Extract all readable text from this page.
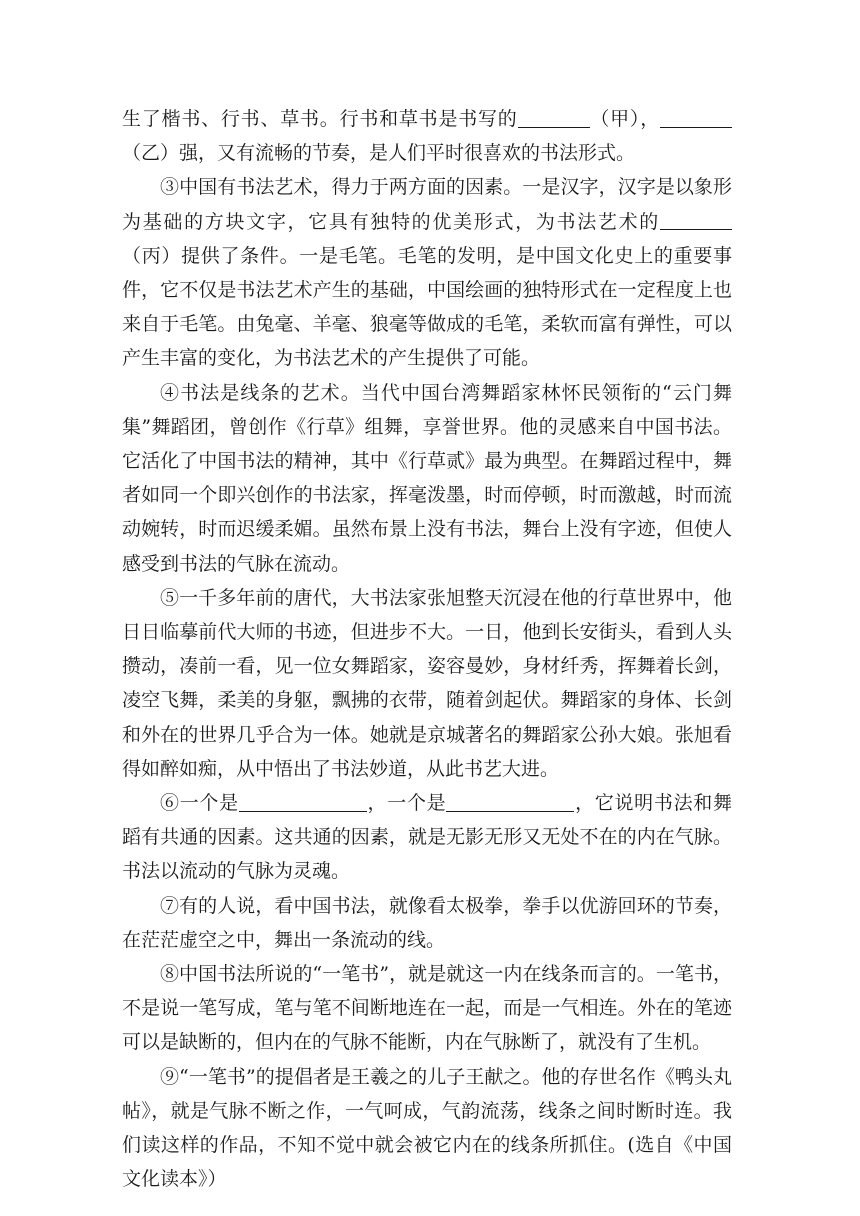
生了楷书、行书、草书。行书和草书是书写的	（甲），（乙）强，又有流畅的节奏，是人们平时很喜欢的书法形式。

③中国有书法艺术，得力于两方面的因素。一是汉字，汉字是以象形为基础的方块文字，它具有独特的优美形式，为书法艺术的（丙）提供了条件。一是毛笔。毛笔的发明，是中国文化史上的重要事件，它不仅是书法艺术产生的基础，中国绘画的独特形式在一定程度上也来自于毛笔。由兔毫、羊毫、狼毫等做成的毛笔，柔软而富有弹性，可以产生丰富的变化，为书法艺术的产生提供了可能。

④书法是线条的艺术。当代中国台湾舞蹈家林怀民领衔的“云门舞集”舞蹈团，曾创作《行草》组舞，享誉世界。他的灵感来自中国书法。它活化了中国书法的精神，其中《行草贰》最为典型。在舞蹈过程中，舞者如同一个即兴创作的书法家，挥毫泼墨，时而停顿，时而激越，时而流动婉转，时而迟缓柔媚。虽然布景上没有书法，舞台上没有字迹，但使人感受到书法的气脉在流动。

⑤一千多年前的唐代，大书法家张旭整天沉浸在他的行草世界中，他日日临摹前代大师的书迹，但进步不大。一日，他到长安街头，看到人头攒动，凑前一看，见一位女舞蹈家，姿容曼妙，身材纤秀，挥舞着长剑，凌空飞舞，柔美的身躯，飘拂的衣带，随着剑起伏。舞蹈家的身体、长剑和外在的世界几乎合为一体。她就是京城著名的舞蹈家公孙大娘。张旭看得如醉如痴，从中悟出了书法妙道，从此书艺大进。

⑥一个是	，一个是	，它说明书法和舞蹈有共通的因素。这共通的因素，就是无影无形又无处不在的内在气脉。书法以流动的气脉为灵魂。

⑦有的人说，看中国书法，就像看太极拳，拳手以优游回环的节奏，在茫茫虚空之中，舞出一条流动的线。

⑧中国书法所说的“一笔书”，就是就这一内在线条而言的。一笔书，不是说一笔写成，笔与笔不间断地连在一起，而是一气相连。外在的笔迹可以是缺断的，但内在的气脉不能断，内在气脉断了，就没有了生机。

⑨“一笔书”的提倡者是王羲之的儿子王献之。他的存世名作《鸭头丸帖》，就是气脉不断之作，一气呵成，气韵流荡，线条之间时断时连。我们读这样的作品，不知不觉中就会被它内在的线条所抓住。(选自《中国文化读本》）
